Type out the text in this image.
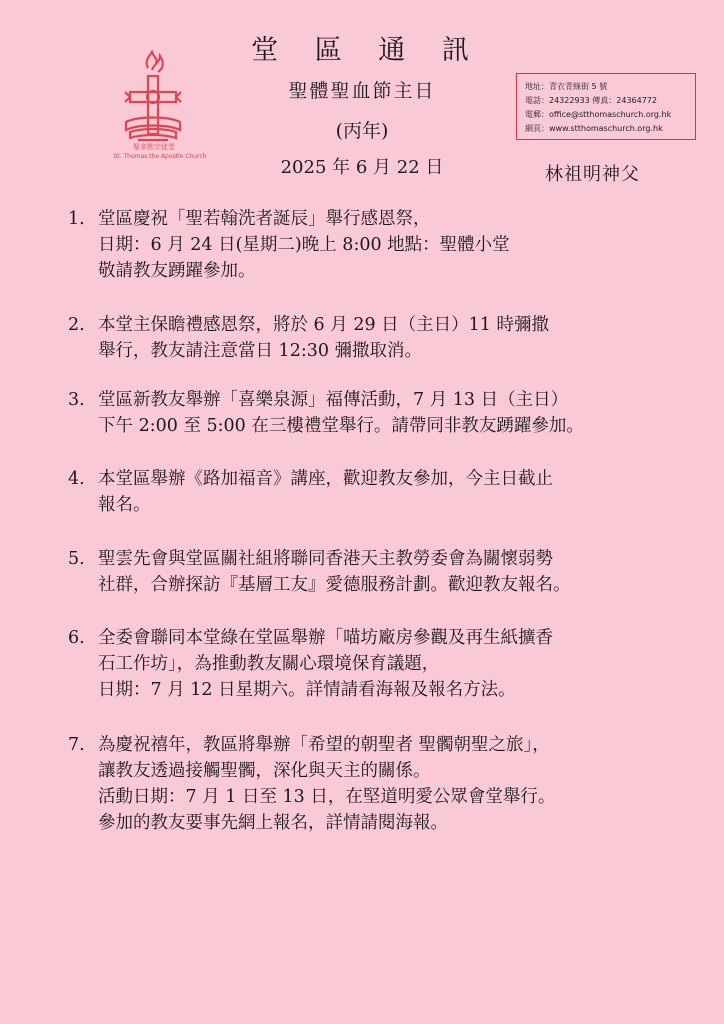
聖多默宗徒堂
St. Thomas the Apostle Church
堂 區 通 訊
聖體聖血節主日
(丙年)
2025 年 6 月 22 日	林祖明神父
地址：青衣青綠街 5 號
電話：24322933 傳真：24364772
電郵：office@stthomaschurch.org.hk
網頁：www.stthomaschurch.org.hk
1. 堂區慶祝「聖若翰洗者誕辰」舉行感恩祭，
日期：6 月 24 日(星期二)晚上 8:00 地點：聖體小堂
敬請教友踴躍參加。
2. 本堂主保瞻禮感恩祭，將於 6 月 29 日（主日）11 時彌撒
舉行，教友請注意當日 12:30 彌撒取消。
3. 堂區新教友舉辦「喜樂泉源」福傳活動，7 月 13 日（主日）
下午 2:00 至 5:00 在三樓禮堂舉行。請帶同非教友踴躍參加。
4. 本堂區舉辦《路加福音》講座，歡迎教友參加，今主日截止
報名。
5. 聖雲先會與堂區關社組將聯同香港天主教勞委會為關懷弱勢
社群，合辦探訪『基層工友』愛德服務計劃。歡迎教友報名。
6. 全委會聯同本堂綠在堂區舉辦「喵坊廠房參觀及再生紙擴香
石工作坊」，為推動教友關心環境保育議題，
日期：7 月 12 日星期六。詳情請看海報及報名方法。
7. 為慶祝禧年，教區將舉辦「希望的朝聖者 聖髑朝聖之旅」，
讓教友透過接觸聖髑，深化與天主的關係。
活動日期：7 月 1 日至 13 日，在堅道明愛公眾會堂舉行。
參加的教友要事先網上報名，詳情請閱海報。
